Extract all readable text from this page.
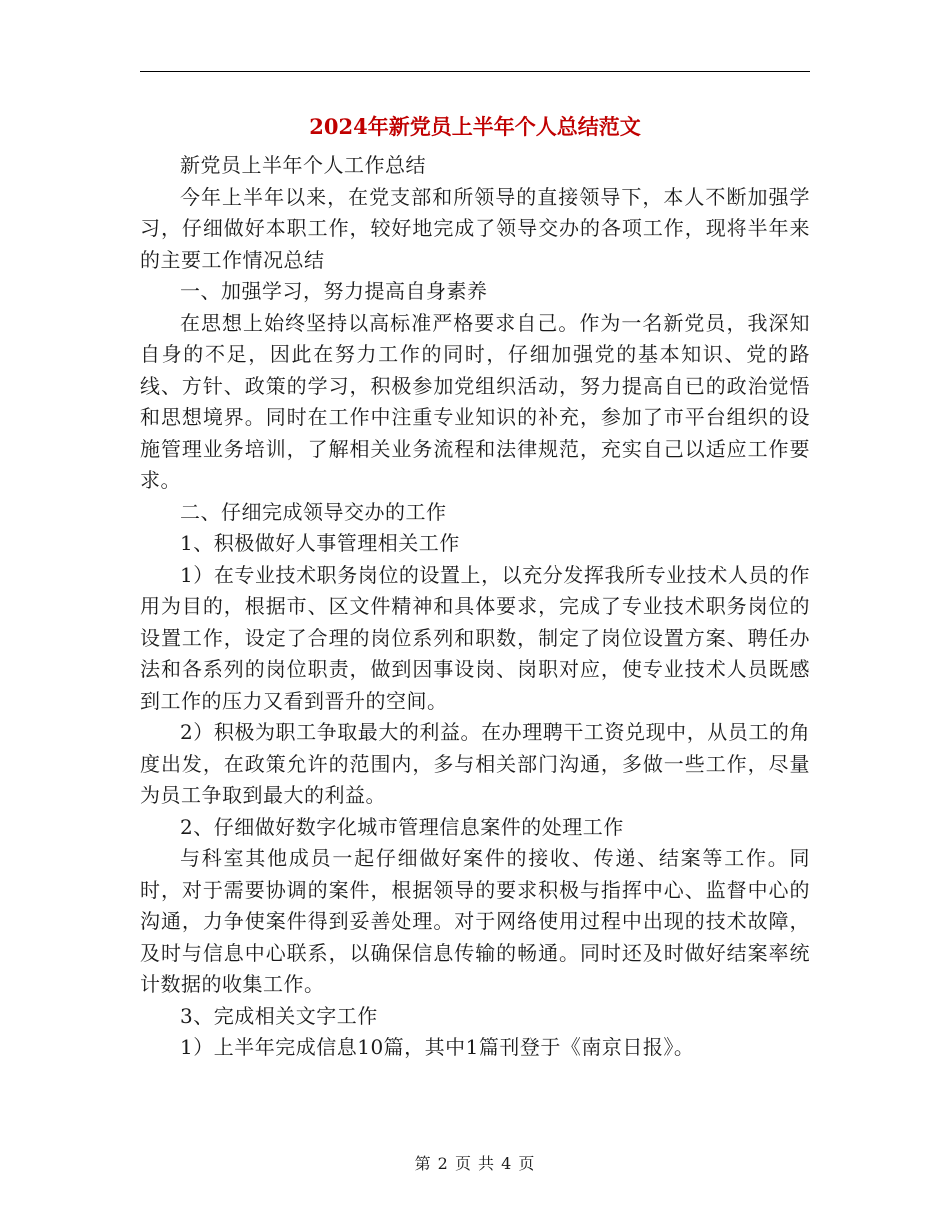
2024年新党员上半年个人总结范文

新党员上半年个人工作总结

今年上半年以来，在党支部和所领导的直接领导下，本人不断加强学习，仔细做好本职工作，较好地完成了领导交办的各项工作，现将半年来的主要工作情况总结

一、加强学习，努力提高自身素养

在思想上始终坚持以高标准严格要求自己。作为一名新党员，我深知自身的不足，因此在努力工作的同时，仔细加强党的基本知识、党的路线、方针、政策的学习，积极参加党组织活动，努力提高自已的政治觉悟和思想境界。同时在工作中注重专业知识的补充，参加了市平台组织的设施管理业务培训，了解相关业务流程和法律规范，充实自己以适应工作要求。

二、仔细完成领导交办的工作

1、积极做好人事管理相关工作

1）在专业技术职务岗位的设置上，以充分发挥我所专业技术人员的作用为目的，根据市、区文件精神和具体要求，完成了专业技术职务岗位的设置工作，设定了合理的岗位系列和职数，制定了岗位设置方案、聘任办法和各系列的岗位职责，做到因事设岗、岗职对应，使专业技术人员既感到工作的压力又看到晋升的空间。

2）积极为职工争取最大的利益。在办理聘干工资兑现中，从员工的角度出发，在政策允许的范围内，多与相关部门沟通，多做一些工作，尽量为员工争取到最大的利益。

2、仔细做好数字化城市管理信息案件的处理工作

与科室其他成员一起仔细做好案件的接收、传递、结案等工作。同时，对于需要协调的案件，根据领导的要求积极与指挥中心、监督中心的沟通，力争使案件得到妥善处理。对于网络使用过程中出现的技术故障，及时与信息中心联系，以确保信息传输的畅通。同时还及时做好结案率统计数据的收集工作。

3、完成相关文字工作

1）上半年完成信息10篇，其中1篇刊登于《南京日报》。

第 2 页 共 4 页
